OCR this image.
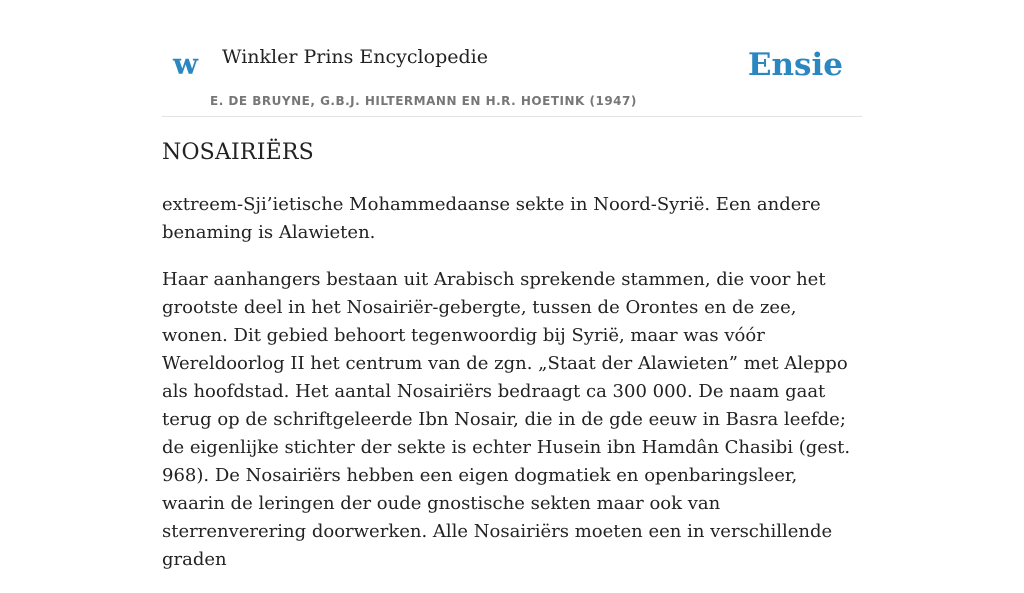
w Winkler Prins Encyclopedie
E. DE BRUYNE, G.B.J. HILTERMANN EN H.R. HOETINK (1947)
Ensie
NOSAIRIËRS

extreem-Sji’ietische Mohammedaanse sekte in Noord-Syrië. Een andere benaming is Alawieten.

Haar aanhangers bestaan uit Arabisch sprekende stammen, die voor het grootste deel in het Nosairiër-gebergte, tussen de Orontes en de zee, wonen. Dit gebied behoort tegenwoordig bij Syrië, maar was vóór Wereldoorlog II het centrum van de zgn. „Staat der Alawieten” met Aleppo als hoofdstad. Het aantal Nosairiërs bedraagt ca 300 000. De naam gaat terug op de schriftgeleerde Ibn Nosair, die in de gde eeuw in Basra leefde; de eigenlijke stichter der sekte is echter Husein ibn Hamdân Chasibi (gest. 968). De Nosairiërs hebben een eigen dogmatiek en openbaringsleer, waarin de leringen der oude gnostische sekten maar ook van sterrenverering doorwerken. Alle Nosairiërs moeten een in verschillende graden
